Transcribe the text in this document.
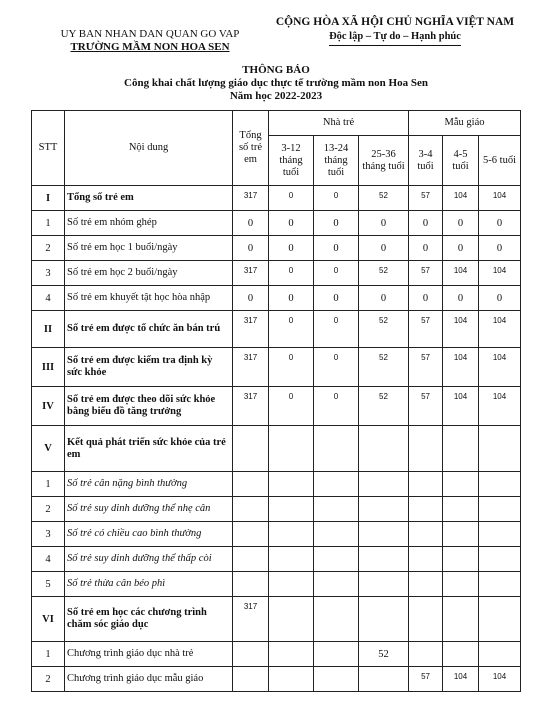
UY BAN NHAN DAN QUAN GO VAP
TRƯỜNG MẦM NON HOA SEN
CỘNG HÒA XÃ HỘI CHỦ NGHĨA VIỆT NAM
Độc lập – Tự do – Hạnh phúc
THÔNG BÁO
Công khai chất lượng giáo dục thực tế trường mầm non Hoa Sen
Năm học 2022-2023
STT	Nội dung	Tổng số trẻ em	Nhà trẻ			Mẫu giáo		
			3-12 tháng tuổi	13-24 tháng tuổi	25-36 tháng tuổi	3-4 tuổi	4-5 tuổi	5-6 tuổi
I	Tổng số trẻ em	317	0	0	52	57	104	104
1	Số trẻ em nhóm ghép	0	0	0	0	0	0	0
2	Số trẻ em học 1 buổi/ngày	0	0	0	0	0	0	0
3	Số trẻ em học 2 buổi/ngày	317	0	0	52	57	104	104
4	Số trẻ em khuyết tật học hòa nhập	0	0	0	0	0	0	0
II	Số trẻ em được tổ chức ăn bán trú	317	0	0	52	57	104	104
III	Số trẻ em được kiểm tra định kỳ sức khỏe	317	0	0	52	57	104	104
IV	Số trẻ em được theo dõi sức khỏe bằng biểu đồ tăng trưởng	317	0	0	52	57	104	104
V	Kết quả phát triển sức khỏe của trẻ em							
1	Số trẻ cân nặng bình thường							
2	Số trẻ suy dinh dưỡng thể nhẹ cân							
3	Số trẻ có chiều cao bình thường							
4	Số trẻ suy dinh dưỡng thể thấp còi							
5	Số trẻ thừa cân béo phì							
VI	Số trẻ em học các chương trình chăm sóc giáo dục	317						
1	Chương trình giáo dục nhà trẻ				52			
2	Chương trình giáo dục mẫu giáo					57	104	104
